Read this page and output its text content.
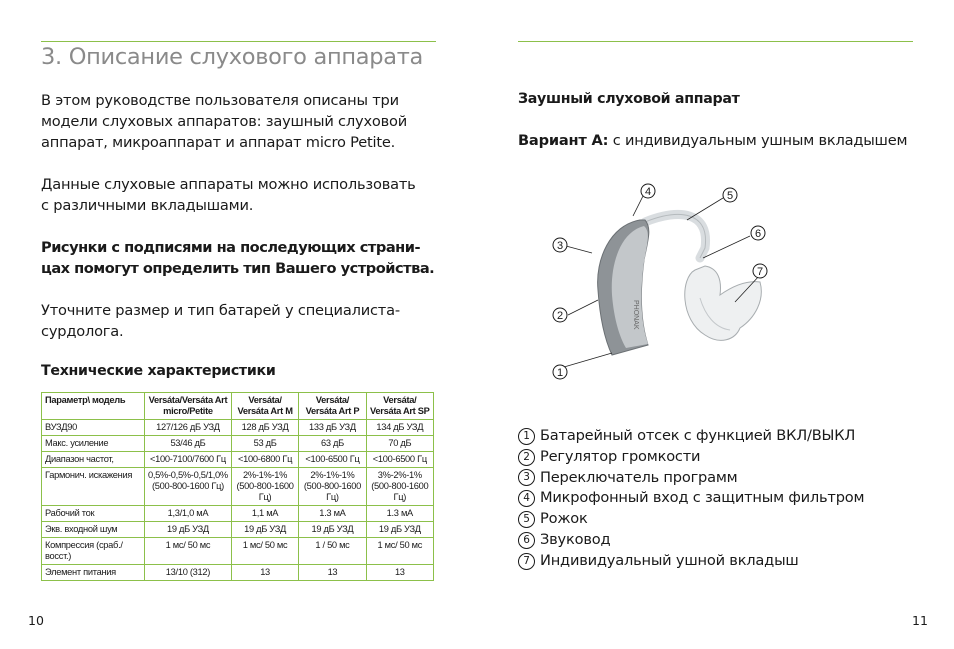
3. Описание слухового аппарата
В этом руководстве пользователя описаны три
модели слуховых аппаратов: заушный слуховой
аппарат, микроаппарат и аппарат micro Petite.
Данные слуховые аппараты можно использовать
с различными вкладышами.
Рисунки с подписями на последующих страни-
цах помогут определить тип Вашего устройства.
Уточните размер и тип батарей у специалиста-
сурдолога.
Технические характеристики
Параметр\ модель	Versáta/Versáta Art micro/Petite	Versáta/ Versáta Art M	Versáta/ Versáta Art P	Versáta/ Versáta Art SP
ВУЗД90	127/126 дБ УЗД	128 дБ УЗД	133 дБ УЗД	134 дБ УЗД
Макс. усиление	53/46 дБ	53 дБ	63 дБ	70 дБ
Диапазон частот,	<100-7100/7600 Гц	<100-6800 Гц	<100-6500 Гц	<100-6500 Гц
Гармонич. искажения	0,5%-0,5%-0,5/1,0% (500-800-1600 Гц)	2%-1%-1% (500-800-1600 Гц)	2%-1%-1% (500-800-1600 Гц)	3%-2%-1% (500-800-1600 Гц)
Рабочий ток	1,3/1,0 мА	1,1 мА	1.3 мА	1.3 мА
Экв. входной шум	19 дБ УЗД	19 дБ УЗД	19 дБ УЗД	19 дБ УЗД
Компрессия (сраб./восст.)	1 мс/ 50 мс	1 мс/ 50 мс	1 / 50 мс	1 мс/ 50 мс
Элемент питания	13/10 (312)	13	13	13
10
Заушный слуховой аппарат
Вариант А: с индивидуальным ушным вкладышем
PHONAK
1
2
3
4	5
6
7
1 Батарейный отсек с функцией ВКЛ/ВЫКЛ
2 Регулятор громкости
3 Переключатель программ
4 Микрофонный вход с защитным фильтром
5 Рожок
6 Звуковод
7 Индивидуальный ушной вкладыш
11
